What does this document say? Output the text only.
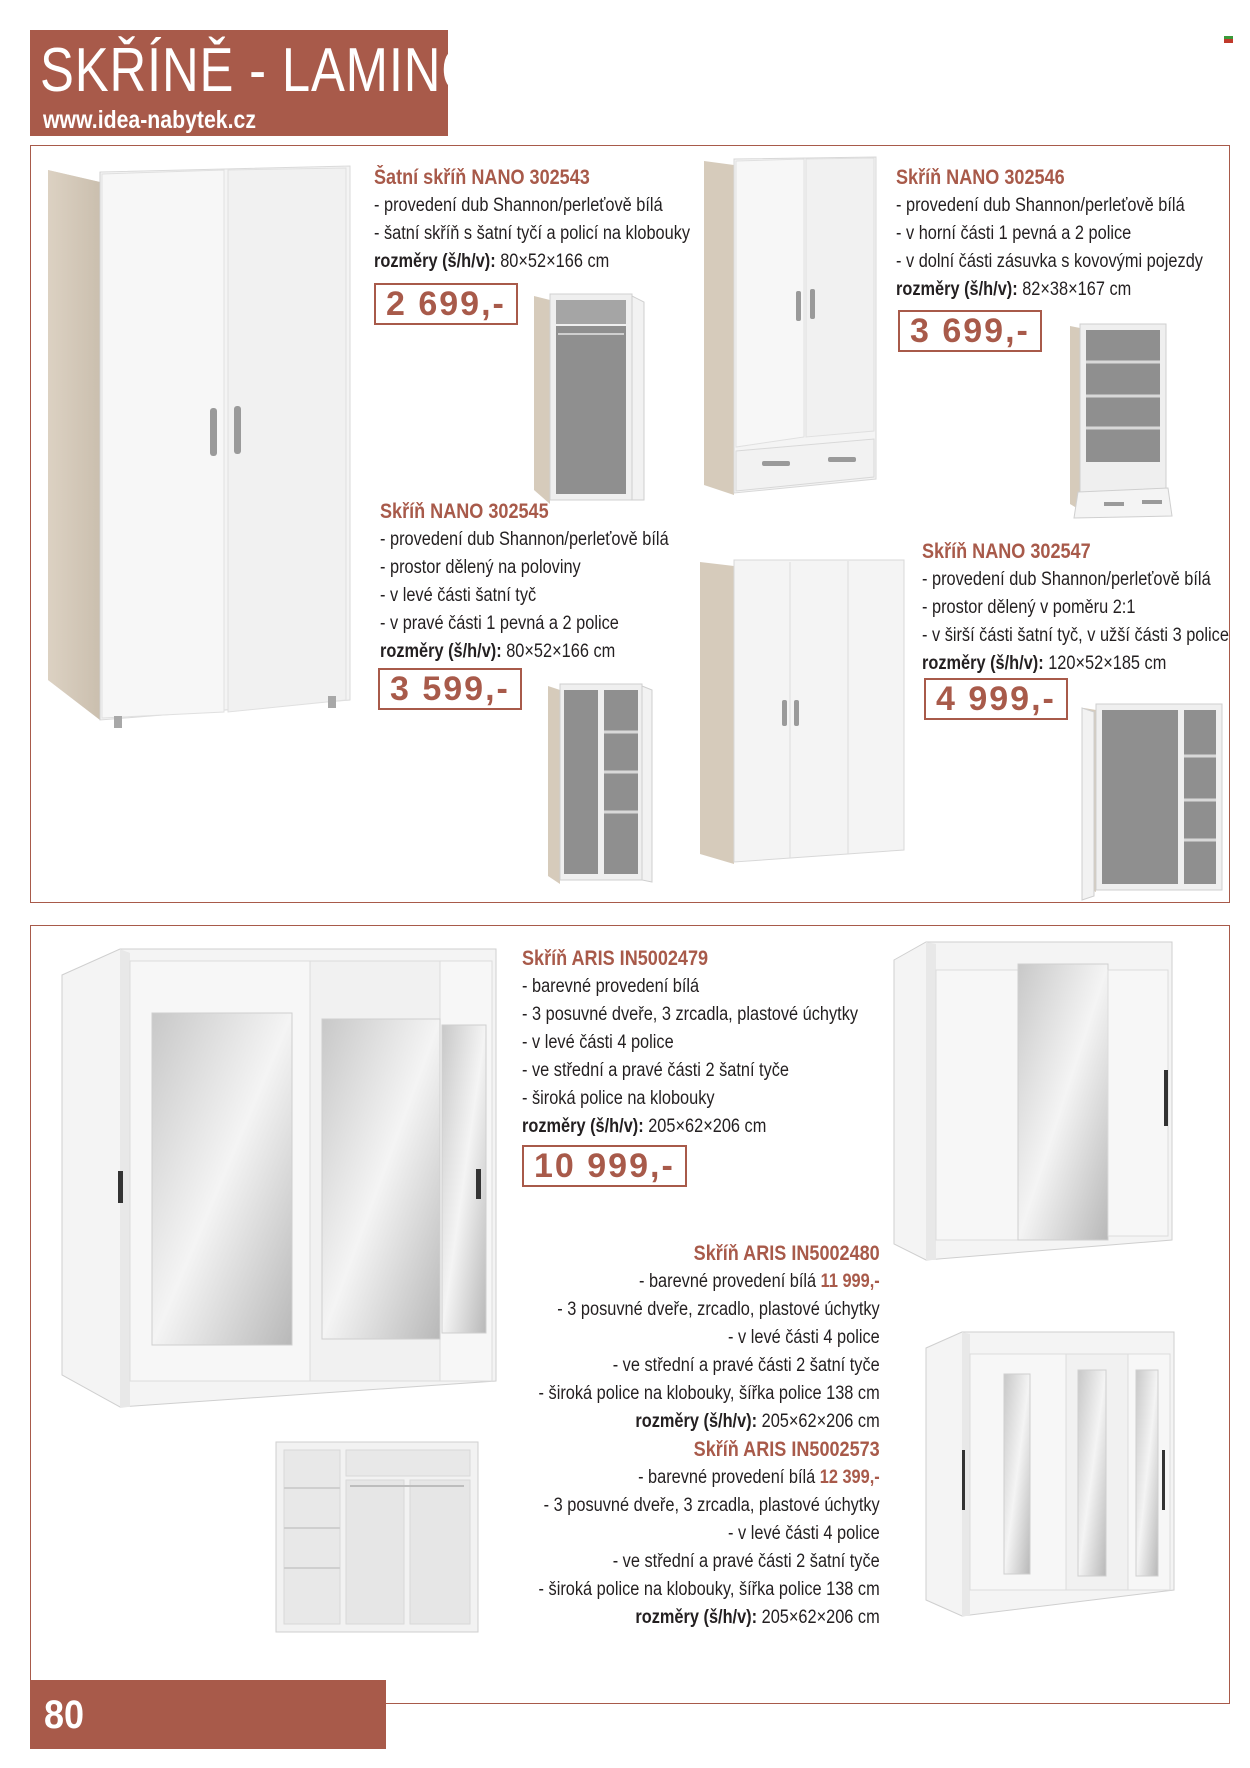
SKŘÍNĚ - LAMINO
www.idea-nabytek.cz
Šatní skříň NANO 302543
- provedení dub Shannon/perleťově bílá
- šatní skříň s šatní tyčí a policí na klobouky
rozměry (š/h/v): 80×52×166 cm
2 699,-
Skříň NANO 302546
- provedení dub Shannon/perleťově bílá
- v horní části 1 pevná a 2 police
- v dolní části zásuvka s kovovými pojezdy
rozměry (š/h/v): 82×38×167 cm
3 699,-
Skříň NANO 302545
- provedení dub Shannon/perleťově bílá
- prostor dělený na poloviny
- v levé části šatní tyč
- v pravé části 1 pevná a 2 police
rozměry (š/h/v): 80×52×166 cm
3 599,-
Skříň NANO 302547
- provedení dub Shannon/perleťově bílá
- prostor dělený v poměru 2:1
- v širší části šatní tyč, v užší části 3 police
rozměry (š/h/v): 120×52×185 cm
4 999,-
Skříň ARIS IN5002479
- barevné provedení bílá
- 3 posuvné dveře, 3 zrcadla, plastové úchytky
- v levé části 4 police
- ve střední a pravé části 2 šatní tyče
- široká police na klobouky
rozměry (š/h/v): 205×62×206 cm
10 999,-
Skříň ARIS IN5002480
- barevné provedení bílá 11 999,-
- 3 posuvné dveře, zrcadlo, plastové úchytky
- v levé části 4 police
- ve střední a pravé části 2 šatní tyče
- široká police na klobouky, šířka police 138 cm
rozměry (š/h/v): 205×62×206 cm
Skříň ARIS IN5002573
- barevné provedení bílá 12 399,-
- 3 posuvné dveře, 3 zrcadla, plastové úchytky
- v levé části 4 police
- ve střední a pravé části 2 šatní tyče
- široká police na klobouky, šířka police 138 cm
rozměry (š/h/v): 205×62×206 cm
80
